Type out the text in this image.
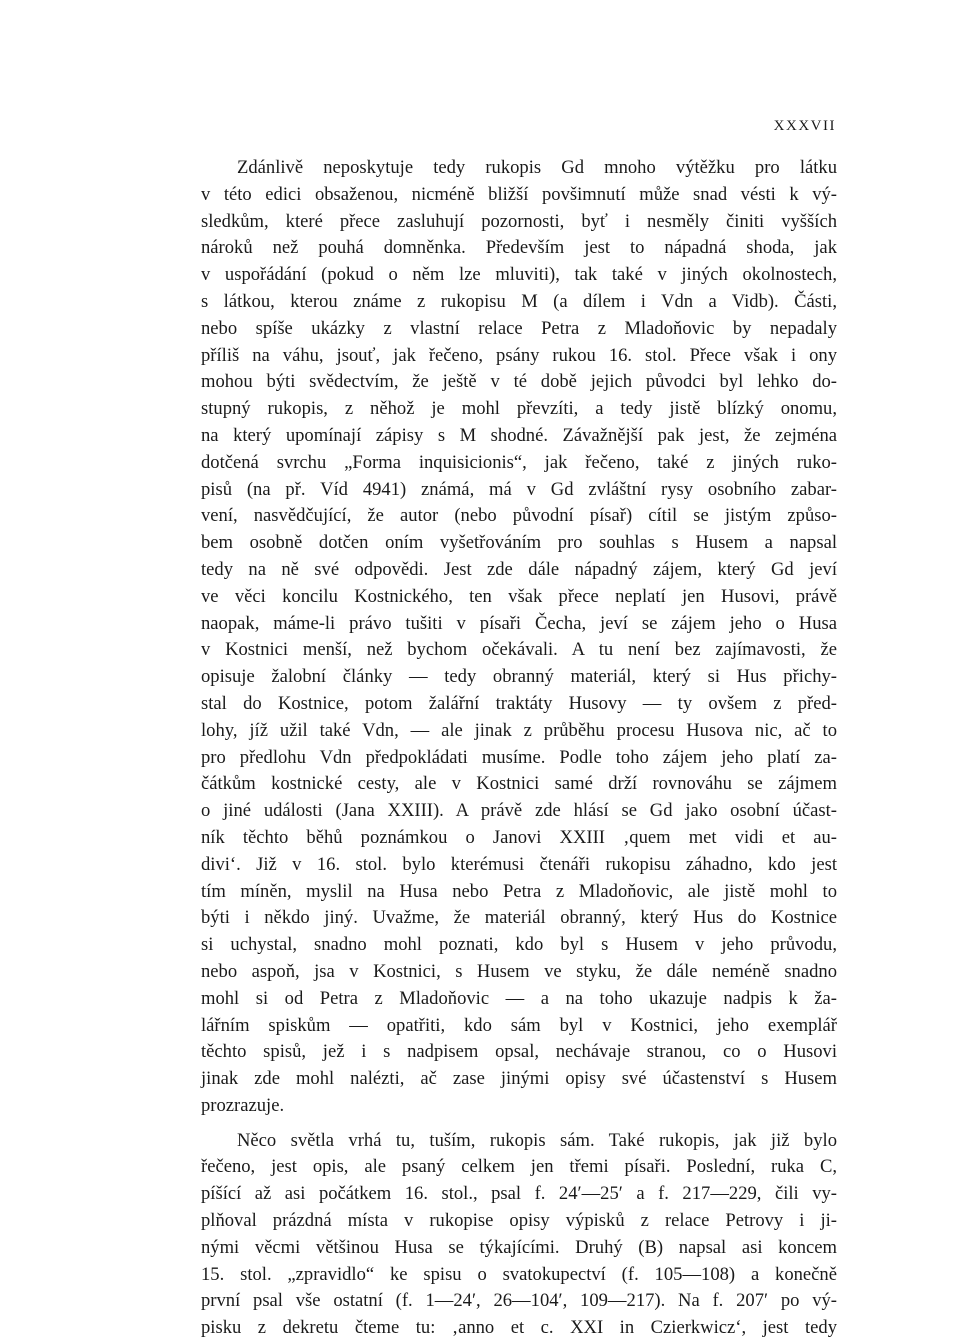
XXXVII
Zdánlivě neposkytuje tedy rukopis Gd mnoho výtěžku pro látku
v této edici obsaženou, nicméně bližší povšimnutí může snad vésti k vý-
sledkům, které přece zasluhují pozornosti, byť i nesměly činiti vyšších
nároků než pouhá domněnka. Především jest to nápadná shoda, jak
v uspořádání (pokud o něm lze mluviti), tak také v jiných okolnostech,
s látkou, kterou známe z rukopisu M (a dílem i Vdn a Vidb). Části,
nebo spíše ukázky z vlastní relace Petra z Mladoňovic by nepadaly
příliš na váhu, jsouť, jak řečeno, psány rukou 16. stol. Přece však i ony
mohou býti svědectvím, že ještě v té době jejich původci byl lehko do-
stupný rukopis, z něhož je mohl převzíti, a tedy jistě blízký onomu,
na který upomínají zápisy s M shodné. Závažnější pak jest, že zejména
dotčená svrchu „Forma inquisicionis“, jak řečeno, také z jiných ruko-
pisů (na př. Víd 4941) známá, má v Gd zvláštní rysy osobního zabar-
vení, nasvědčující, že autor (nebo původní písař) cítil se jistým způso-
bem osobně dotčen oním vyšetřováním pro souhlas s Husem a napsal
tedy na ně své odpovědi. Jest zde dále nápadný zájem, který Gd jeví
ve věci koncilu Kostnického, ten však přece neplatí jen Husovi, právě
naopak, máme-li právo tušiti v písaři Čecha, jeví se zájem jeho o Husa
v Kostnici menší, než bychom očekávali. A tu není bez zajímavosti, že
opisuje žalobní články — tedy obranný materiál, který si Hus přichy-
stal do Kostnice, potom žalářní traktáty Husovy — ty ovšem z před-
lohy, jíž užil také Vdn, — ale jinak z průběhu procesu Husova nic, ač to
pro předlohu Vdn předpokládati musíme. Podle toho zájem jeho platí za-
čátkům kostnické cesty, ale v Kostnici samé drží rovnováhu se zájmem
o jiné události (Jana XXIII). A právě zde hlásí se Gd jako osobní účast-
ník těchto běhů poznámkou o Janovi XXIII ‚quem met vidi et au-
divi‘. Již v 16. stol. bylo kterémusi čtenáři rukopisu záhadno, kdo jest
tím míněn, myslil na Husa nebo Petra z Mladoňovic, ale jistě mohl to
býti i někdo jiný. Uvažme, že materiál obranný, který Hus do Kostnice
si uchystal, snadno mohl poznati, kdo byl s Husem v jeho průvodu,
nebo aspoň, jsa v Kostnici, s Husem ve styku, že dále neméně snadno
mohl si od Petra z Mladoňovic — a na toho ukazuje nadpis k ža-
lářním spiskům — opatřiti, kdo sám byl v Kostnici, jeho exemplář
těchto spisů, jež i s nadpisem opsal, nechávaje stranou, co o Husovi
jinak zde mohl nalézti, ač zase jinými opisy své účastenství s Husem
prozrazuje.
Něco světla vrhá tu, tuším, rukopis sám. Také rukopis, jak již bylo
řečeno, jest opis, ale psaný celkem jen třemi písaři. Poslední, ruka C,
píšící až asi počátkem 16. stol., psal f. 24′—25′ a f. 217—229, čili vy-
plňoval prázdná místa v rukopise opisy výpisků z relace Petrovy i ji-
nými věcmi většinou Husa se týkajícími. Druhý (B) napsal asi koncem
15. stol. „zpravidlo“ ke spisu o svatokupectví (f. 105—108) a konečně
první psal vše ostatní (f. 1—24′, 26—104′, 109—217). Na f. 207′ po vý-
pisku z dekretu čteme tu: ‚anno et c. XXI in Czierkwicz‘, jest tedy
